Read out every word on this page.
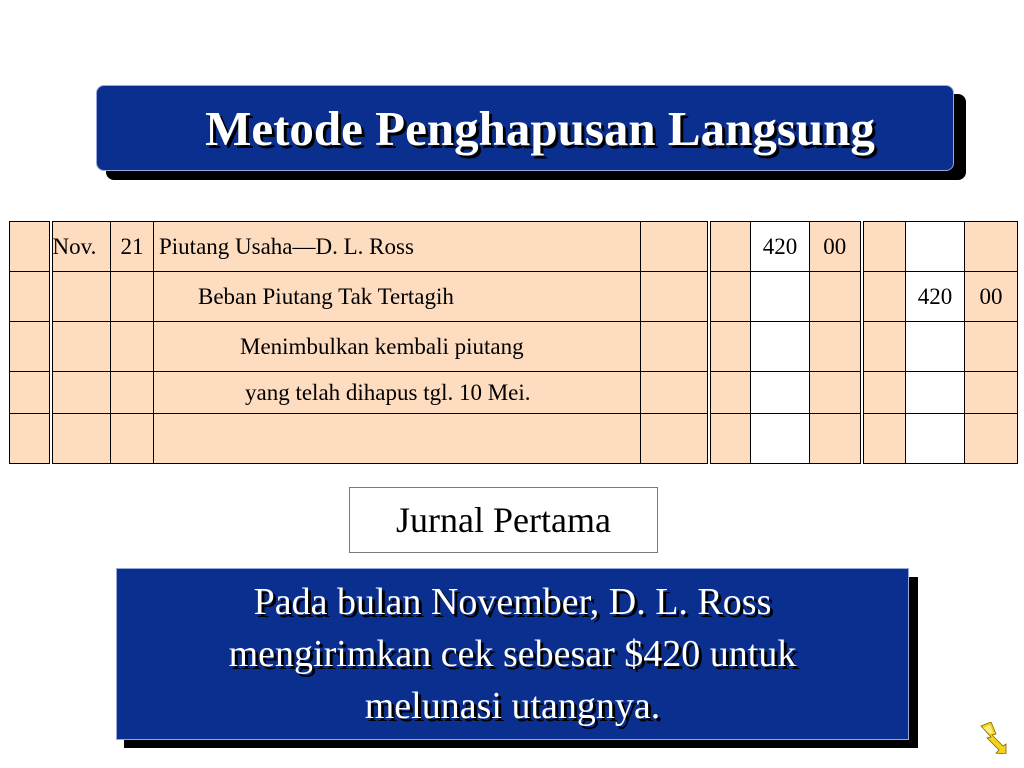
Metode Penghapusan Langsung
	Nov.	21	Piutang Usaha—D. L. Ross			420	00			
			Beban Piutang Tak Tertagih						420	00
			Menimbulkan kembali piutang							
			yang telah dihapus tgl. 10 Mei.							

Jurnal Pertama
Pada bulan November, D. L. Ross
mengirimkan cek sebesar $420 untuk
melunasi utangnya.
